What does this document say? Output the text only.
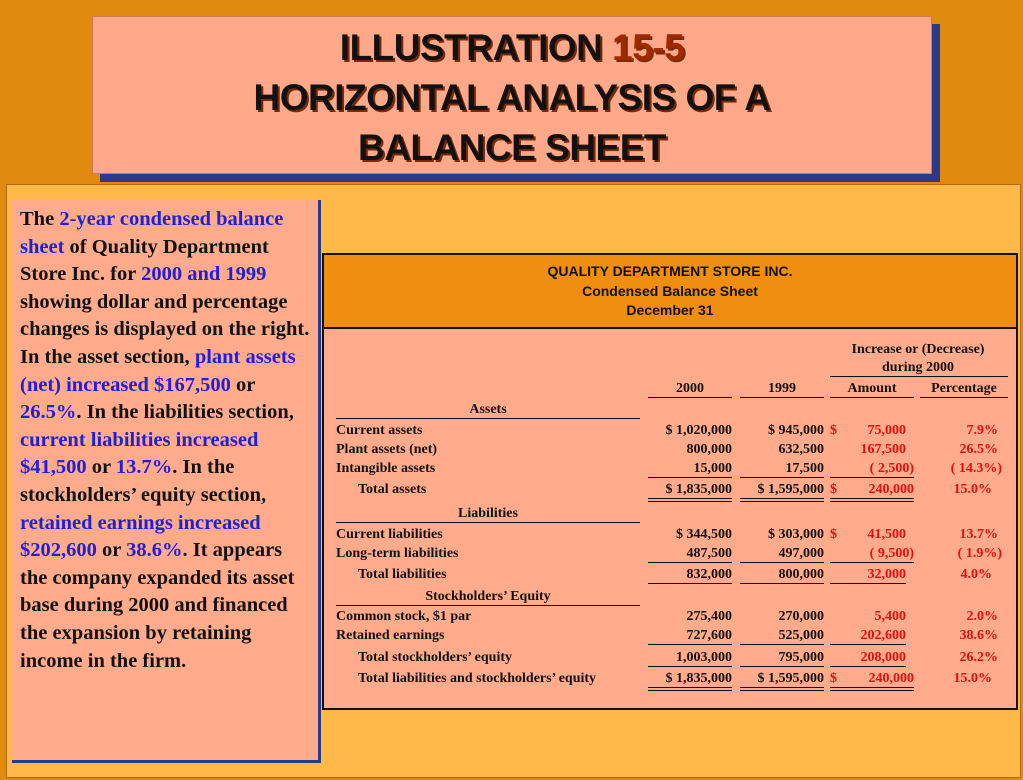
ILLUSTRATION 15-5
HORIZONTAL ANALYSIS OF A
BALANCE SHEET
The 2-year condensed balance sheet of Quality Department Store Inc. for 2000 and 1999 showing dollar and percentage changes is displayed on the right. In the asset section, plant assets (net) increased $167,500 or 26.5%. In the liabilities section, current liabilities increased $41,500 or 13.7%. In the stockholders’ equity section, retained earnings increased $202,600 or 38.6%. It appears the company expanded its asset base during 2000 and financed the expansion by retaining income in the firm.
QUALITY DEPARTMENT STORE INC.
Condensed Balance Sheet
December 31
Increase or (Decrease)
during 2000
2000	1999	Amount	Percentage
Assets
Liabilities
Stockholders’ Equity
Current assets	$ 1,020,000	$ 945,000 $	75,000	7.9%
Plant assets (net)	800,000	632,500	167,500	26.5%
Intangible assets	15,000	17,500	( 2,500)	( 14.3%)
Total assets	$ 1,835,000	$ 1,595,000 $	240,000	15.0%
Current liabilities	$ 344,500	$ 303,000 $	41,500	13.7%
Long-term liabilities	487,500	497,000	( 9,500)	( 1.9%)
Total liabilities	832,000	800,000	32,000	4.0%
Common stock, $1 par	275,400	270,000	5,400	2.0%
Retained earnings	727,600	525,000	202,600	38.6%
Total stockholders’ equity	1,003,000	795,000	208,000	26.2%
Total liabilities and stockholders’ equity	$ 1,835,000	$ 1,595,000 $	240,000	15.0%
